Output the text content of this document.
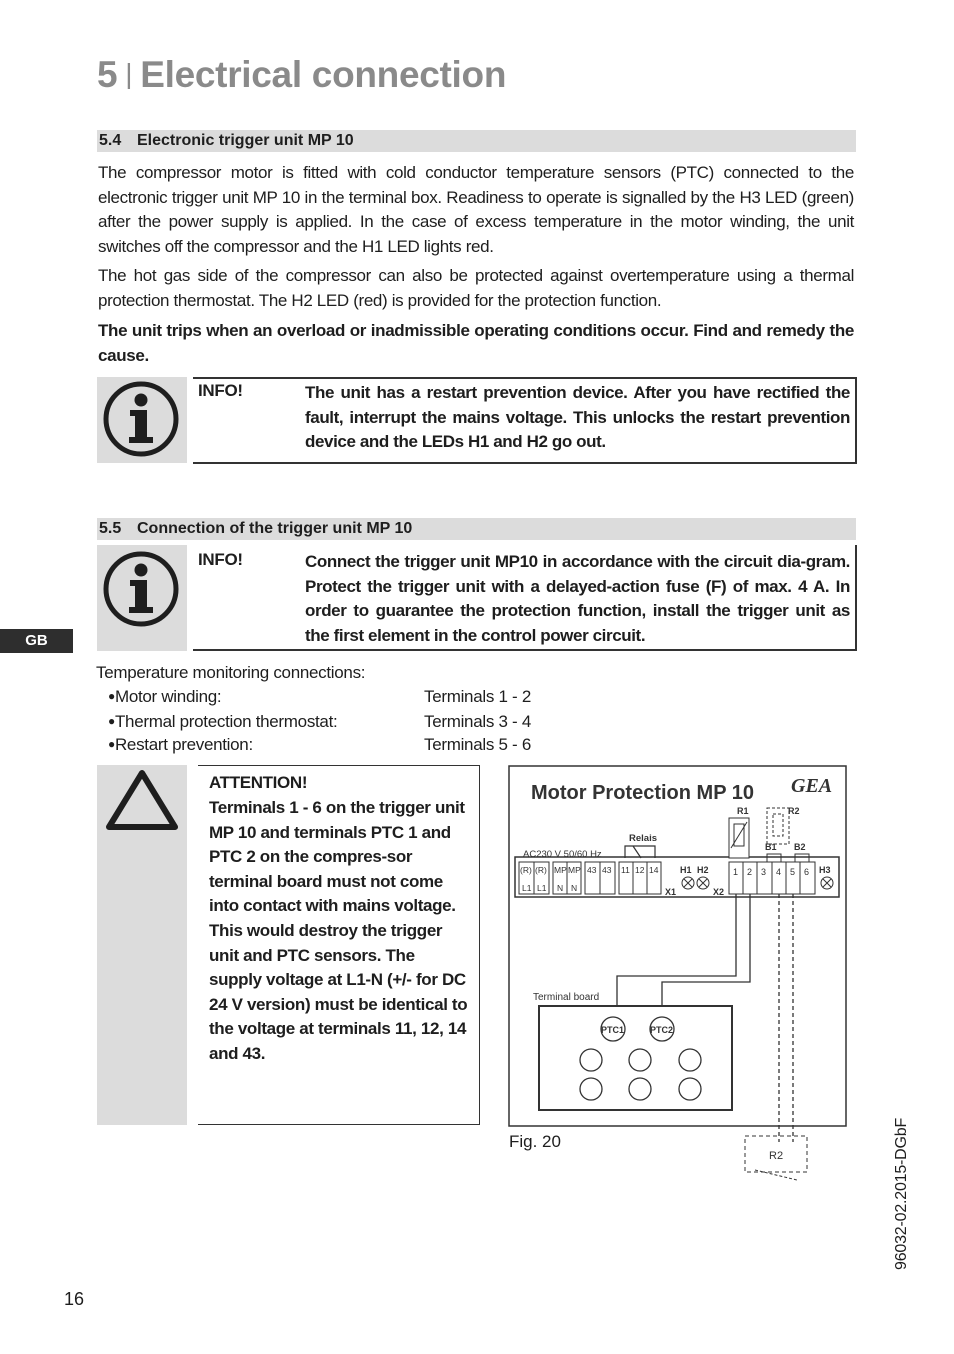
5 | Electrical connection
5.4 Electronic trigger unit MP 10

The compressor motor is fitted with cold conductor temperature sensors (PTC) connected to the electronic trigger unit MP 10 in the terminal box. Readiness to operate is signalled by the H3 LED (green) after the power supply is applied. In the case of excess temperature in the motor winding, the unit switches off the compressor and the H1 LED lights red.

The hot gas side of the compressor can also be protected against overtemperature using a thermal protection thermostat. The H2 LED (red) is provided for the protection function.

The unit trips when an overload or inadmissible operating conditions occur. Find and remedy the cause.

INFO!	The unit has a restart prevention device. After you have rectified the fault, interrupt the mains voltage. This unlocks the restart prevention device and the LEDs H1 and H2 go out.
5.5 Connection of the trigger unit MP 10
INFO!	Connect the trigger unit MP10 in accordance with the circuit dia-gram. Protect the trigger unit with a delayed-action fuse (F) of max. 4 A. In order to guarantee the protection function, install the trigger unit as the first element in the control power circuit.
GB
Temperature monitoring connections:
●Motor winding:	Terminals 1 - 2
●Thermal protection thermostat:	Terminals 3 - 4
●Restart prevention:	Terminals 5 - 6
ATTENTION!
Terminals 1 - 6 on the trigger unit MP 10 and terminals PTC 1 and PTC 2 on the compres-sor terminal board must not come into contact with mains voltage. This would destroy the trigger unit and PTC sensors. The supply voltage at L1-N (+/- for DC 24 V version) must be identical to the voltage at terminals 11, 12, 14 and 43.
Motor Protection MP 10 GEA
AC230 V 50/60 Hz
Relais
(R) (R) MP MP 43 43 11 12 14
L1 L1 N N
H1 H2	H3
X1	X2
1 2 3 4 5 6
R1	R2
B1 B2
Terminal board
PTC1	PTC2
R2
Fig. 20	96032-02.2015-DGbF
16
